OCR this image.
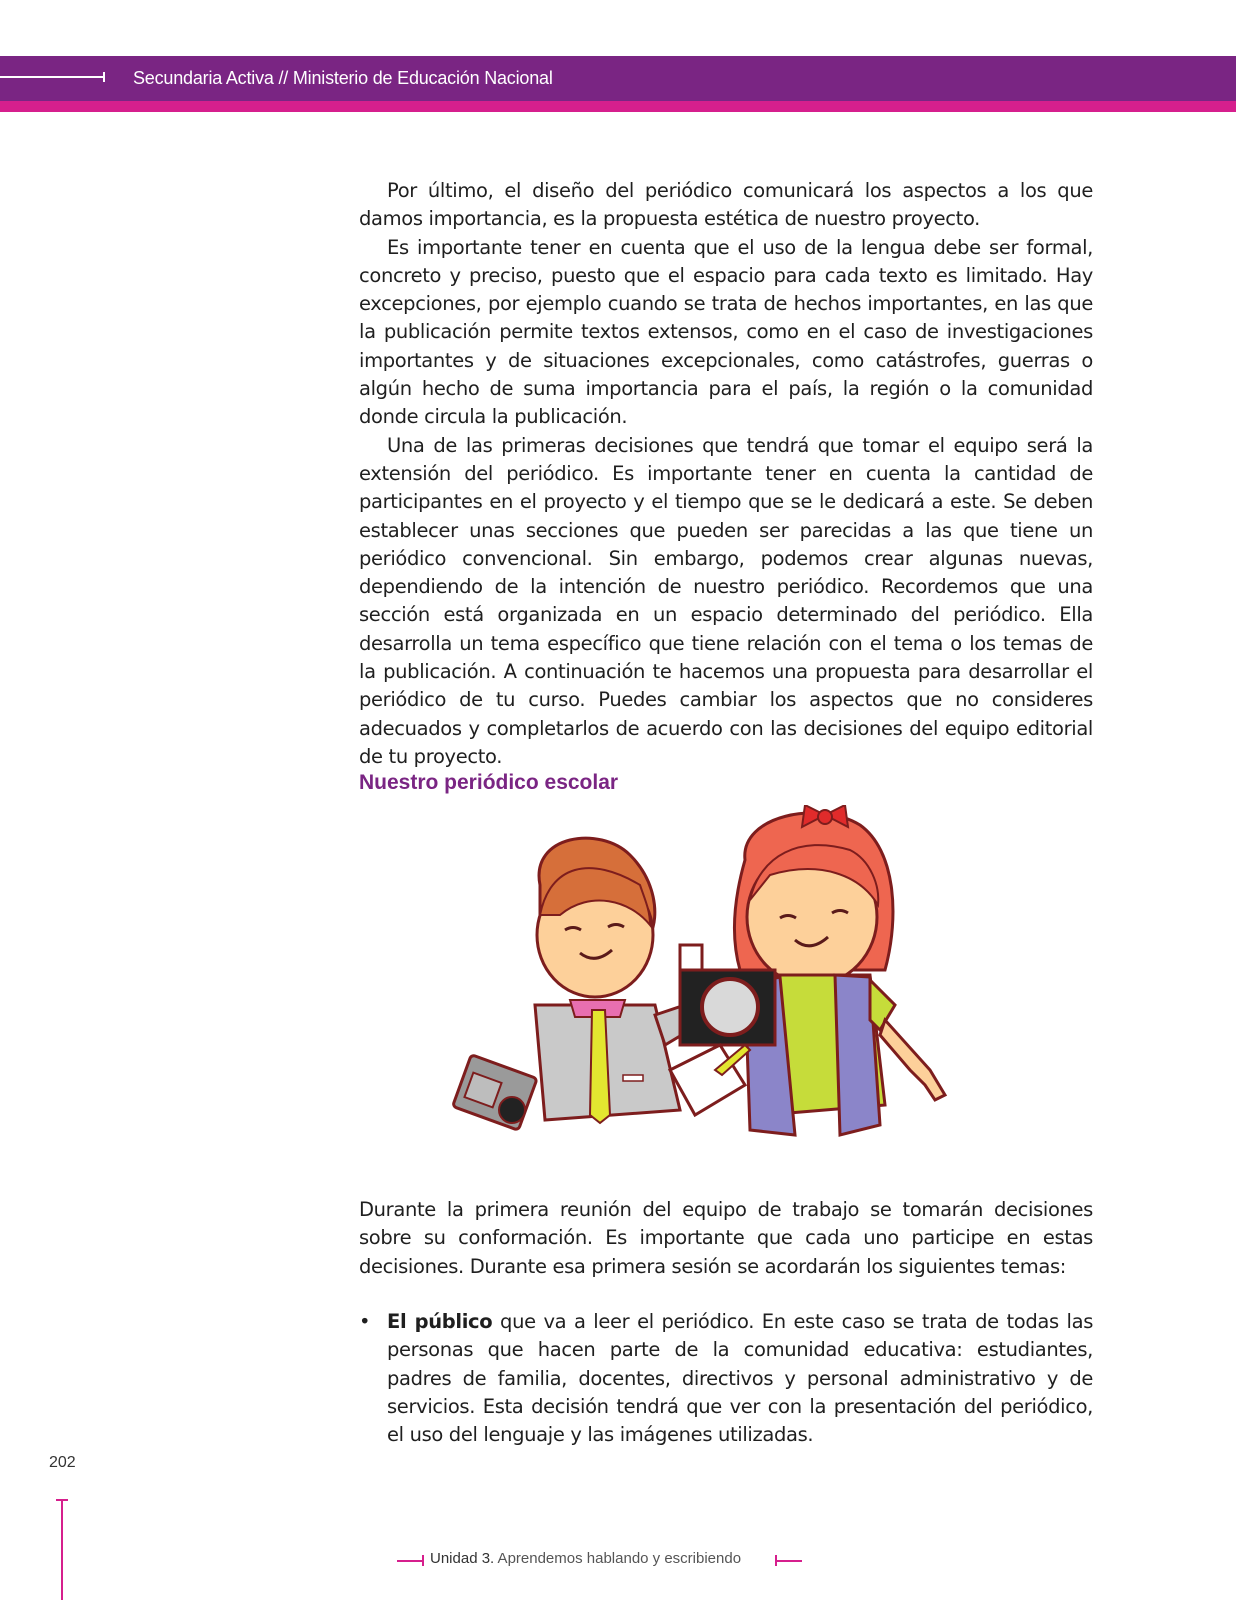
Secundaria Activa // Ministerio de Educación Nacional

Por último, el diseño del periódico comunicará los aspectos a los que damos importancia, es la propuesta estética de nuestro proyecto.

Es importante tener en cuenta que el uso de la lengua debe ser formal, concreto y preciso, puesto que el espacio para cada texto es limitado. Hay excepciones, por ejemplo cuando se trata de hechos importantes, en las que la publicación permite textos extensos, como en el caso de investigaciones importantes y de situaciones excepcionales, como catástrofes, guerras o algún hecho de suma importancia para el país, la región o la comunidad donde circula la publicación.

Una de las primeras decisiones que tendrá que tomar el equipo será la extensión del periódico. Es importante tener en cuenta la cantidad de participantes en el proyecto y el tiempo que se le dedicará a este. Se deben establecer unas secciones que pueden ser parecidas a las que tiene un periódico convencional. Sin embargo, podemos crear algunas nuevas, dependiendo de la intención de nuestro periódico. Recordemos que una sección está organizada en un espacio determinado del periódico. Ella desarrolla un tema específico que tiene relación con el tema o los temas de la publicación. A continuación te hacemos una propuesta para desarrollar el periódico de tu curso. Puedes cambiar los aspectos que no consideres adecuados y completarlos de acuerdo con las decisiones del equipo editorial de tu proyecto.

Nuestro periódico escolar

Durante la primera reunión del equipo de trabajo se tomarán decisiones sobre su conformación. Es importante que cada uno participe en estas decisiones. Durante esa primera sesión se acordarán los siguientes temas:

• El público que va a leer el periódico. En este caso se trata de todas las personas que hacen parte de la comunidad educativa: estudiantes, padres de familia, docentes, directivos y personal administrativo y de servicios. Esta decisión tendrá que ver con la presentación del periódico, el uso del lenguaje y las imágenes utilizadas.
202
Unidad 3. Aprendemos hablando y escribiendo
